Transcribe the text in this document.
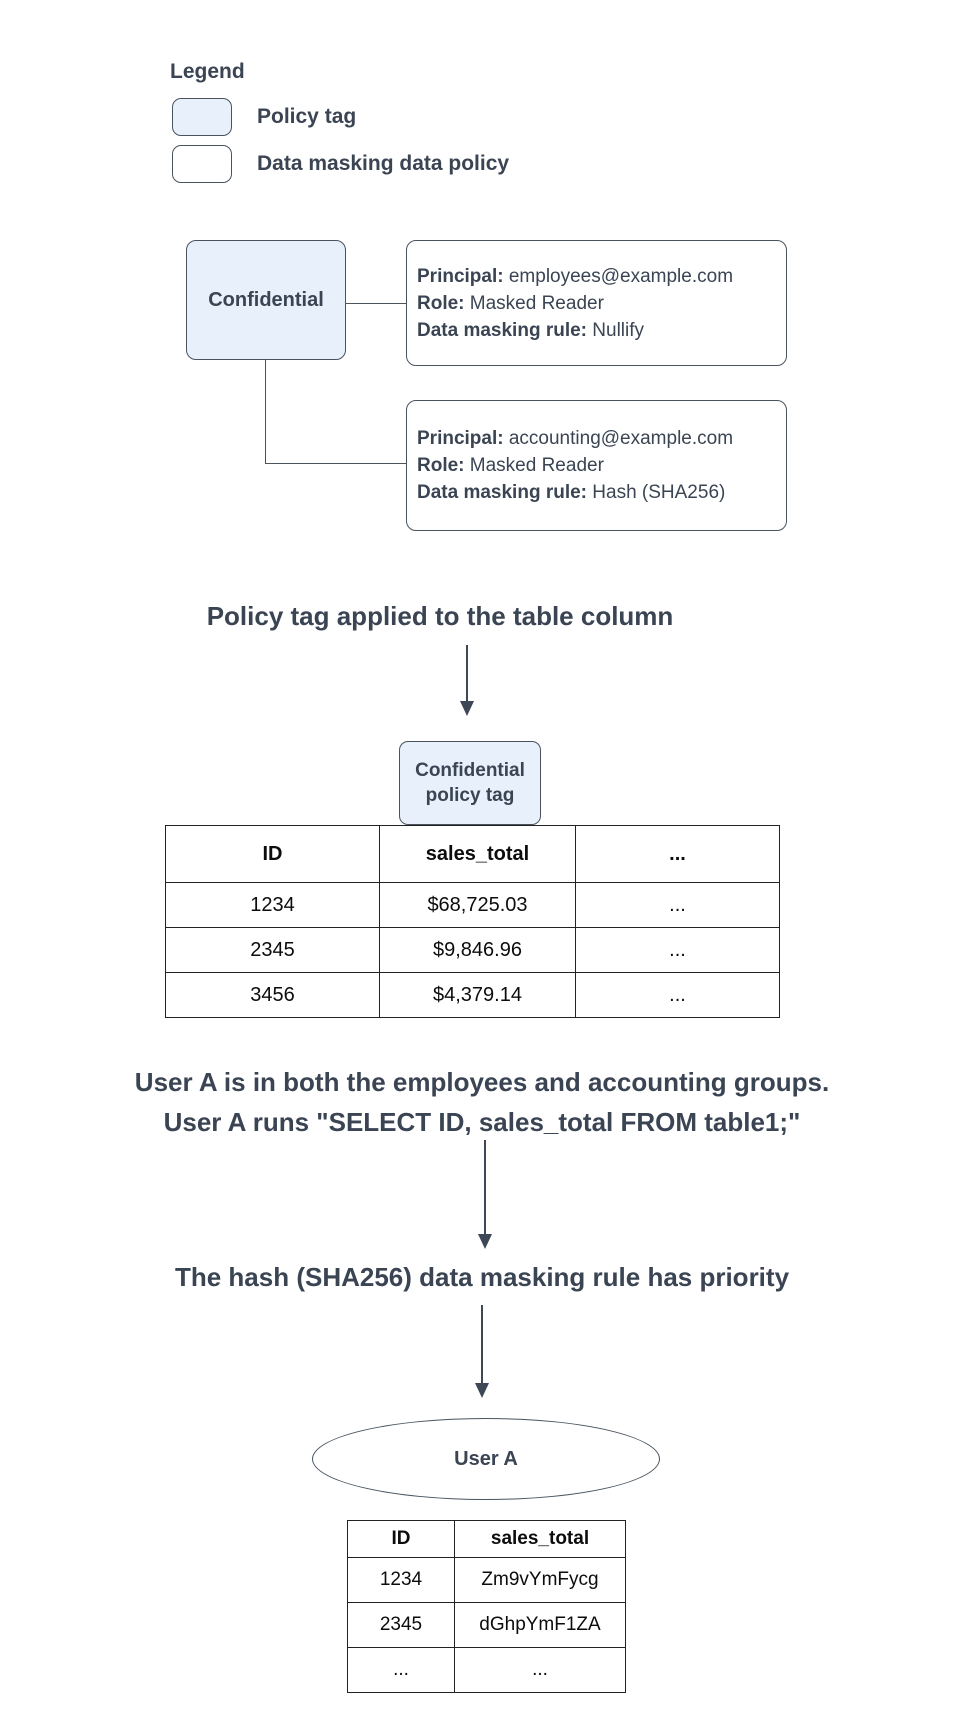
Legend
Policy tag
Data masking data policy
Confidential
Principal: employees@example.com
Role: Masked Reader
Data masking rule: Nullify
Principal: accounting@example.com
Role: Masked Reader
Data masking rule: Hash (SHA256)
Policy tag applied to the table column
Confidential policy tag
ID	sales_total	...
1234	$68,725.03	...
2345	$9,846.96	...
3456	$4,379.14	...
User A is in both the employees and accounting groups.
User A runs "SELECT ID, sales_total FROM table1;"
The hash (SHA256) data masking rule has priority
User A
ID	sales_total
1234	Zm9vYmFycg
2345	dGhpYmF1ZA
...	...
